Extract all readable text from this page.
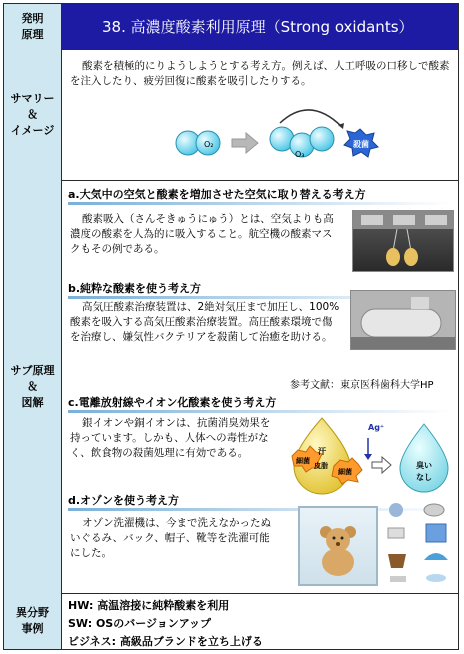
発明
原理	38. 高濃度酸素利用原理（Strong oxidants）
サマリー
＆
イメージ
酸素を積極的にりようしようとする考え方。例えば、人工呼吸の口移しで酸素を注入したり、疲労回復に酸素を吸引したりする。
O₂
O₃
殺菌
サブ原理
＆
図解
a.大気中の空気と酸素を増加させた空気に取り替える考え方
酸素吸入（さんそきゅうにゅう）とは、空気よりも高濃度の酸素を人為的に吸入すること。航空機の酸素マスクもその例である。
b.純粋な酸素を使う考え方
高気圧酸素治療装置は、2絶対気圧まで加圧し、100%酸素を吸入する高気圧酸素治療装置。高圧酸素環境で傷を治療し、嫌気性バクテリアを殺菌して治癒を助ける。
参考文献：東京医科歯科大学HP
c.電離放射線やイオン化酸素を使う考え方
銀イオンや銅イオンは、抗菌消臭効果を持っています。しかも、人体への毒性がなく、飲食物の殺菌処理に有効である。
細菌
汗
皮脂
細菌
Ag⁺
臭い
なし
d.オゾンを使う考え方
オゾン洗濯機は、今まで洗えなかったぬいぐるみ、バック、帽子、靴等を洗濯可能にした。
異分野
事例
HW: 高温溶接に純粋酸素を利用
SW: OSのバージョンアップ
ビジネス: 高級品ブランドを立ち上げる
